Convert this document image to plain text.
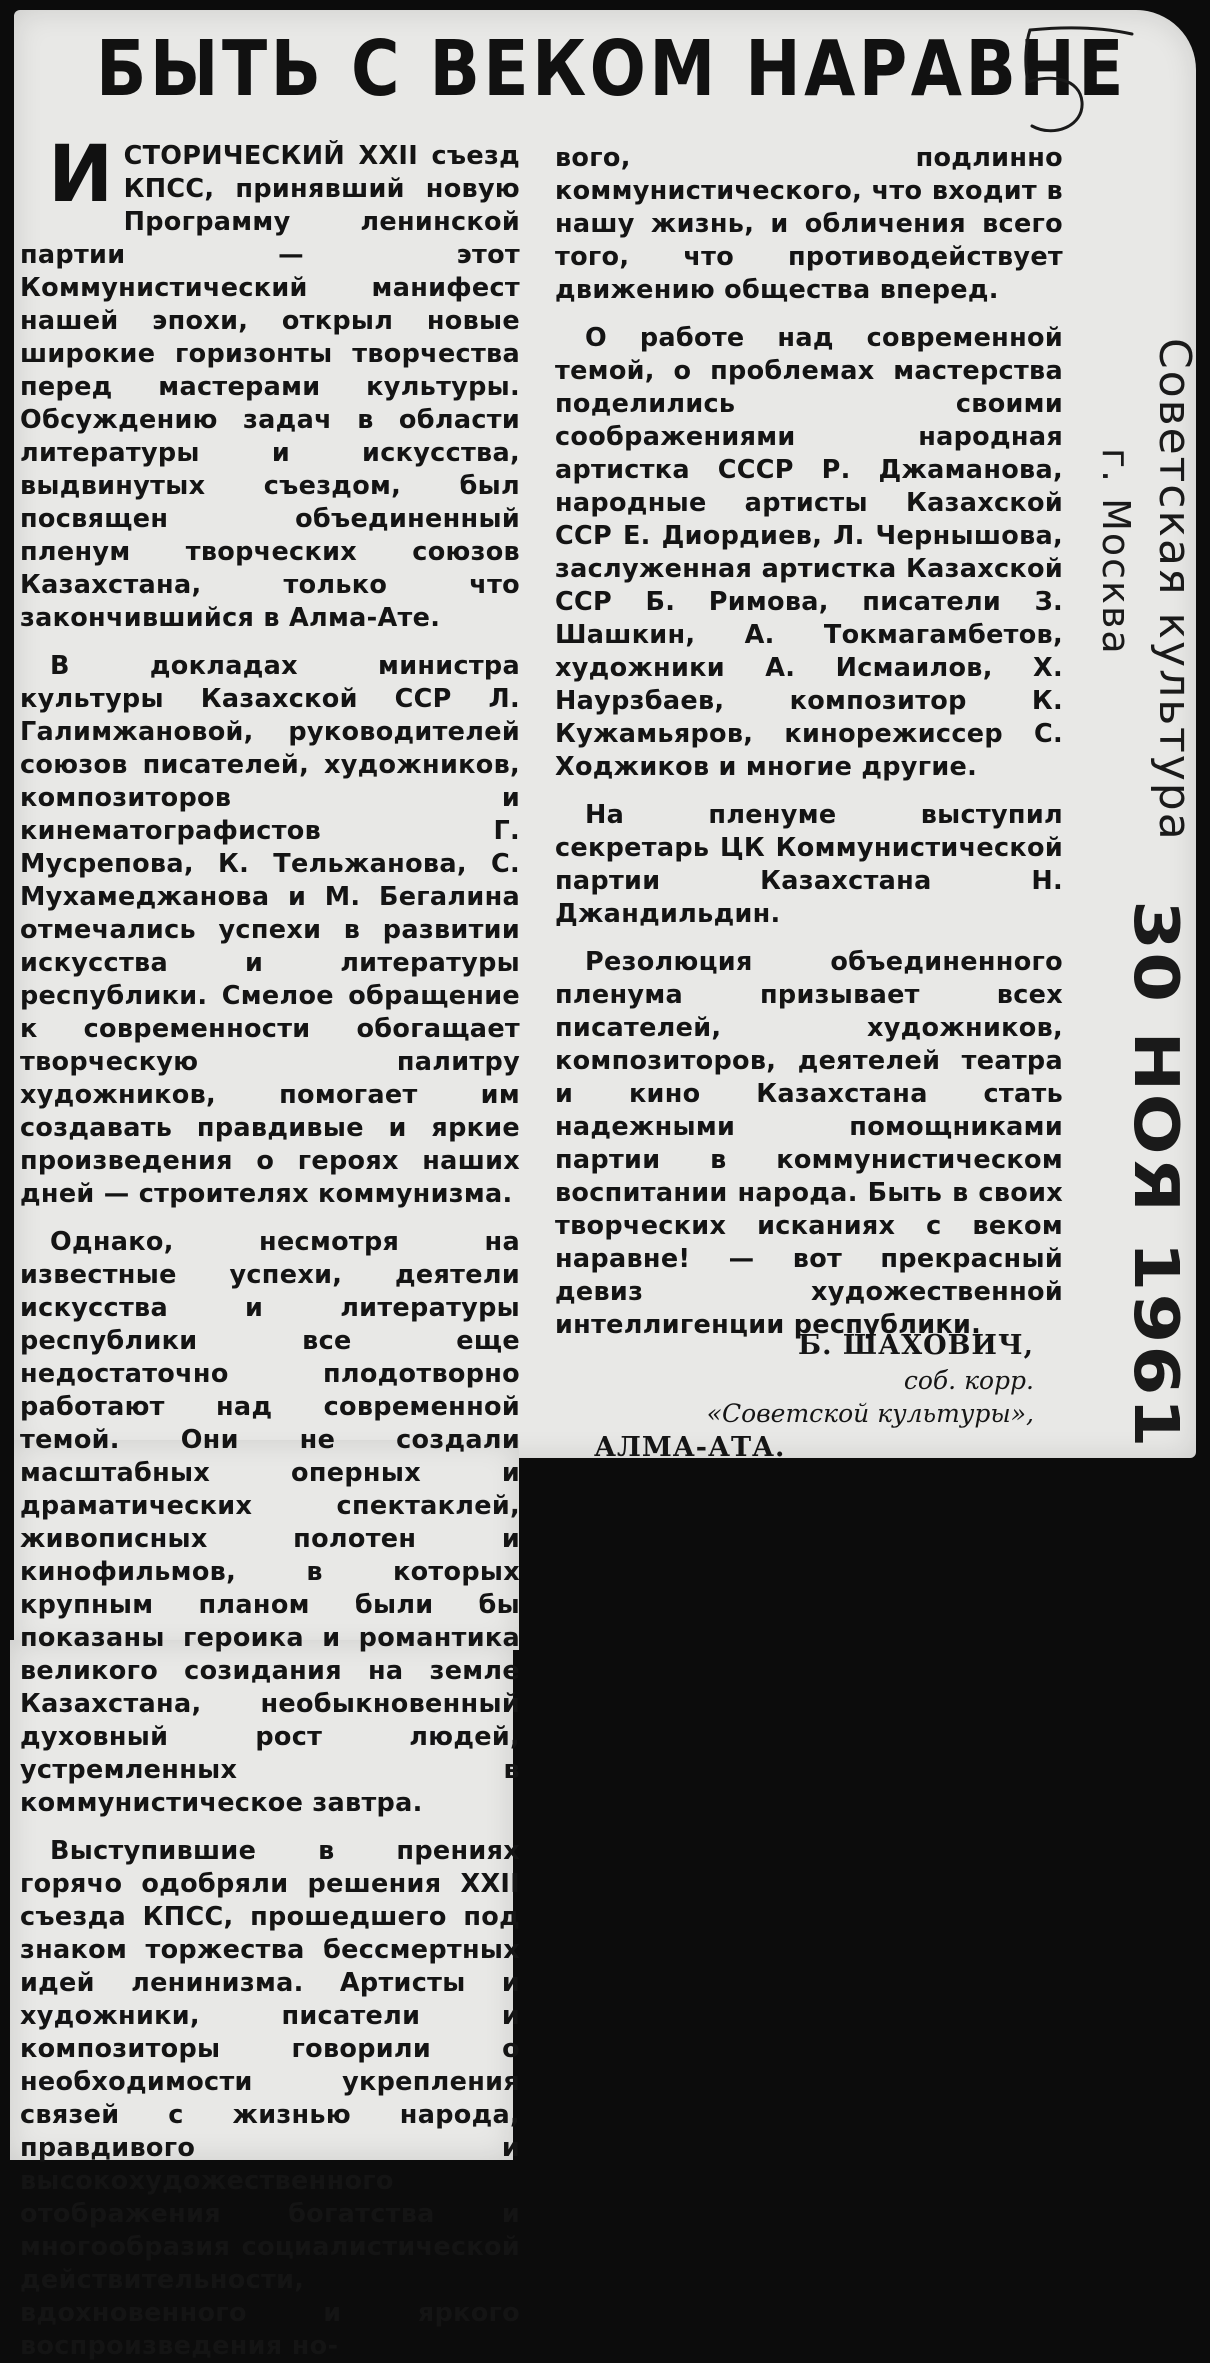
БЫТЬ С ВЕКОМ НАРАВНЕ

ИСТОРИЧЕСКИЙ XXII съезд КПСС, принявший новую Программу ленинской партии — этот Коммунистический манифест нашей эпохи, открыл новые широкие горизонты творчества перед мастерами культуры. Обсуждению задач в области литературы и искусства, выдвинутых съездом, был посвящен объединенный пленум творческих союзов Казахстана, только что закончившийся в Алма-Ате.

В докладах министра культуры Казахской ССР Л. Галимжановой, руководителей союзов писателей, художников, композиторов и кинематографистов Г. Мусрепова, К. Тельжанова, С. Мухамеджанова и М. Бегалина отмечались успехи в развитии искусства и литературы республики. Смелое обращение к современности обогащает творческую палитру художников, помогает им создавать правдивые и яркие произведения о героях наших дней — строителях коммунизма.

Однако, несмотря на известные успехи, деятели искусства и литературы республики все еще недостаточно плодотворно работают над современной темой. Они не создали масштабных оперных и драматических спектаклей, живописных полотен и кинофильмов, в которых крупным планом были бы показаны героика и романтика великого созидания на земле Казахстана, необыкновенный духовный рост людей, устремленных в коммунистическое завтра.

Выступившие в прениях горячо одобряли решения XXII съезда КПСС, прошедшего под знаком торжества бессмертных идей ленинизма. Артисты и художники, писатели и композиторы говорили о необходимости укрепления связей с жизнью народа, правдивого и высокохудожественного отображения богатства и многообразия социалистической действительности, вдохновенного и яркого воспроизведения но-

вого, подлинно коммунистического, что входит в нашу жизнь, и обличения всего того, что противодействует движению общества вперед.

О работе над современной темой, о проблемах мастерства поделились своими соображениями народная артистка СССР Р. Джаманова, народные артисты Казахской ССР Е. Диордиев, Л. Чернышова, заслуженная артистка Казахской ССР Б. Римова, писатели З. Шашкин, А. Токмагамбетов, художники А. Исмаилов, Х. Наурзбаев, композитор К. Кужамьяров, кинорежиссер С. Ходжиков и многие другие.

На пленуме выступил секретарь ЦК Коммунистической партии Казахстана Н. Джандильдин.

Резолюция объединенного пленума призывает всех писателей, художников, композиторов, деятелей театра и кино Казахстана стать надежными помощниками партии в коммунистическом воспитании народа. Быть в своих творческих исканиях с веком наравне! — вот прекрасный девиз художественной интеллигенции республики.

Б. ШАХОВИЧ,
соб. корр.
«Советской культуры»,
АЛМА-АТА.
Советская культура
г. Москва
30 НОЯ 1961
